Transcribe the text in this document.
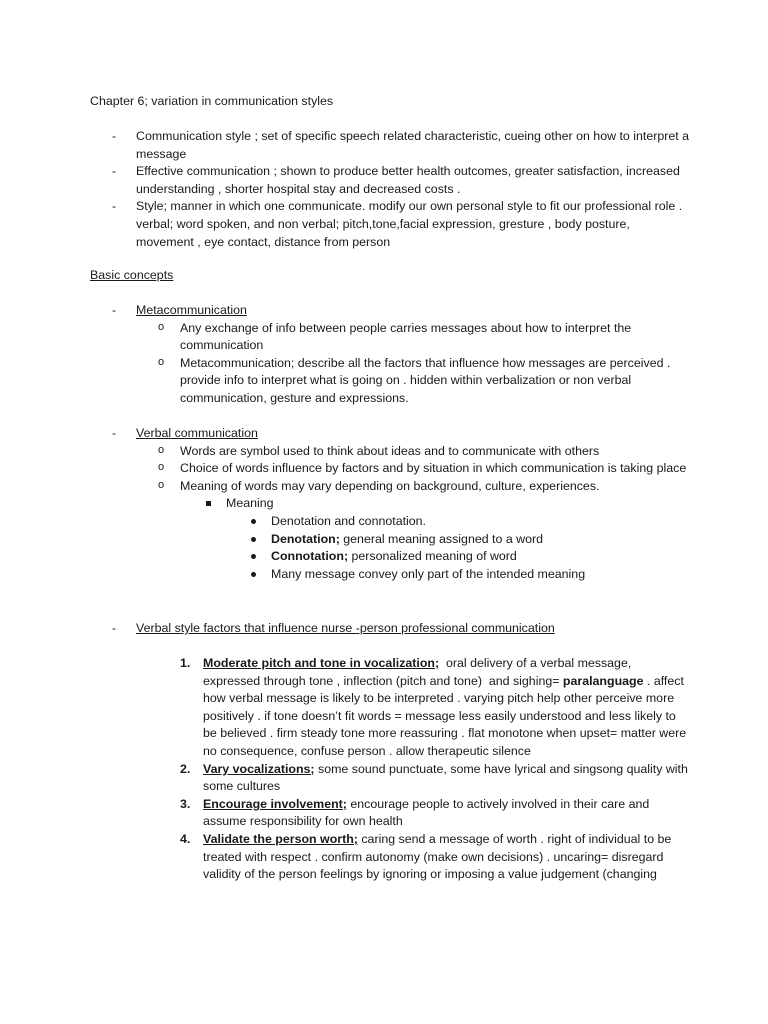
Chapter 6; variation in communication styles
- Communication style ; set of specific speech related characteristic, cueing other on how to interpret a message
- Effective communication ; shown to produce better health outcomes, greater satisfaction, increased understanding , shorter hospital stay and decreased costs .
- Style; manner in which one communicate. modify our own personal style to fit our professional role . verbal; word spoken, and non verbal; pitch,tone,facial expression, gresture , body posture, movement , eye contact, distance from person
Basic concepts
- Metacommunication
o Any exchange of info between people carries messages about how to interpret the communication
o Metacommunication; describe all the factors that influence how messages are perceived . provide info to interpret what is going on . hidden within verbalization or non verbal communication, gesture and expressions.
- Verbal communication
o Words are symbol used to think about ideas and to communicate with others
o Choice of words influence by factors and by situation in which communication is taking place
o Meaning of words may vary depending on background, culture, experiences.
Meaning
Denotation and connotation.
Denotation; general meaning assigned to a word
Connotation; personalized meaning of word
Many message convey only part of the intended meaning
- Verbal style factors that influence nurse -person professional communication
1. Moderate pitch and tone in vocalization;  oral delivery of a verbal message, expressed through tone , inflection (pitch and tone)  and sighing= paralanguage . affect how verbal message is likely to be interpreted . varying pitch help other perceive more positively . if tone doesn’t fit words = message less easily understood and less likely to be believed . firm steady tone more reassuring . flat monotone when upset= matter were no consequence, confuse person . allow therapeutic silence
2. Vary vocalizations; some sound punctuate, some have lyrical and singsong quality with some cultures
3. Encourage involvement; encourage people to actively involved in their care and assume responsibility for own health
4. Validate the person worth; caring send a message of worth . right of individual to be treated with respect . confirm autonomy (make own decisions) . uncaring= disregard validity of the person feelings by ignoring or imposing a value judgement (changing
